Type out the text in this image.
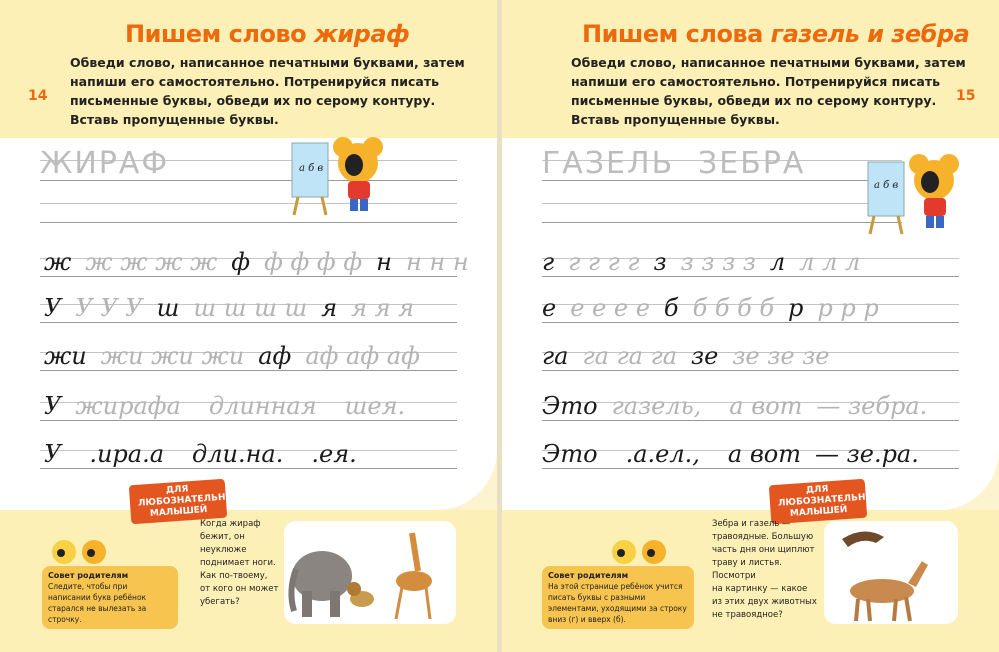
Пишем слово жираф
Обведи слово, написанное печатными буквами, затем
напиши его самостоятельно. Потренируйся писать
письменные буквы, обведи их по серому контуру.
Вставь пропущенные буквы.
14
ЖИРАФ	а б в
ж ж ж ж ж ф ф ф ф ф н н н н
У У У У ш ш ш ш ш я я я я
жи жи жи жи аф аф аф аф
У жирафа длинная шея.
У .ира.а дли.на. .ея.
ДЛЯ ЛЮБОЗНАТЕЛЬНЫХ МАЛЫШЕЙ
Совет родителям
Следите, чтобы при написании букв ребёнок старался не вылезать за строчку.
Когда жираф
бежит, он
неуклюже
поднимает ноги.
Как по-твоему,
от кого он может
убегать?
Пишем слова газель и зебра
Обведи слово, написанное печатными буквами, затем
напиши его самостоятельно. Потренируйся писать
письменные буквы, обведи их по серому контуру.
Вставь пропущенные буквы.
15
ГАЗЕЛЬ ЗЕБРА
а б в
г г г г г з з з з з л л л л
е е е е е б б б б б р р р р
га га га га зе зе зе зе
Это газель, а вот — зебра.
Это .а.ел., а вот — зе.ра.
ДЛЯ ЛЮБОЗНАТЕЛЬНЫХ МАЛЫШЕЙ
Совет родителям
На этой странице ребёнок учится писать буквы с разными элементами, уходящими за строку вниз (г) и вверх (б).
Зебра и газель —
травоядные. Большую
часть дня они щиплют
траву и листья. Посмотри
на картинку — какое
из этих двух животных
не травоядное?
